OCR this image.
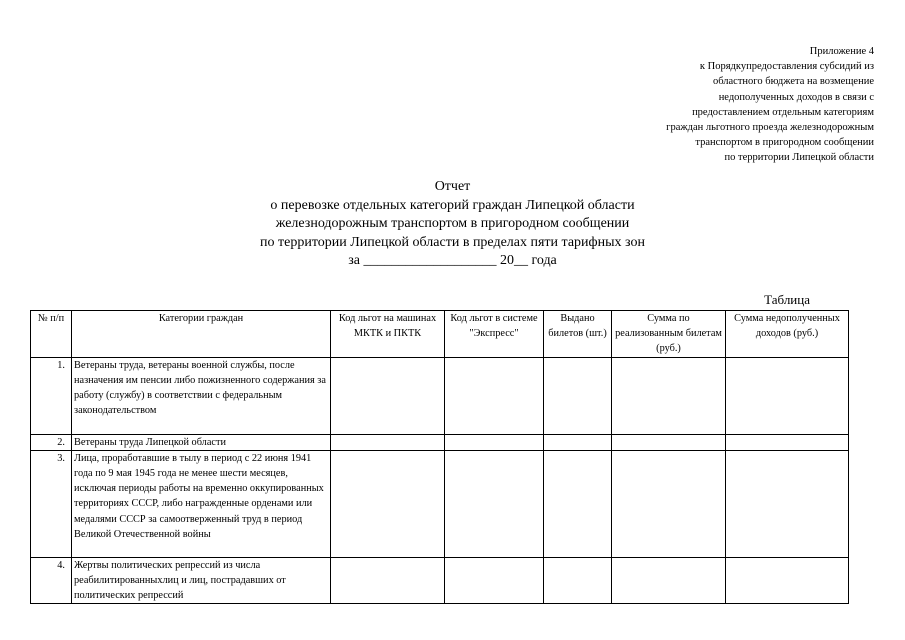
Приложение 4
к Порядкупредоставления субсидий из
областного бюджета на возмещение
недополученных доходов в связи с
предоставлением отдельным категориям
граждан льготного проезда железнодорожным
транспортом в пригородном сообщении
по территории Липецкой области
Отчет
о перевозке отдельных категорий граждан Липецкой области
железнодорожным транспортом в пригородном сообщении
по территории Липецкой области в пределах пяти тарифных зон
за ___________________ 20__ года
Таблица
№ п/п	Категории граждан	Код льгот на машинах МКТК и ПКТК	Код льгот в системе "Экспресс"	Выдано билетов (шт.)	Сумма по реализованным билетам (руб.)	Сумма недополученных доходов (руб.)
1.	Ветераны труда, ветераны военной службы, после назначения им пенсии либо пожизненного содержания за работу (службу) в соответствии с федеральным законодательством					
2.	Ветераны труда Липецкой области					
3.	Лица, проработавшие в тылу в период с 22 июня 1941 года по 9 мая 1945 года не менее шести месяцев, исключая периоды работы на временно оккупированных территориях СССР, либо награжденные орденами или медалями СССР за самоотверженный труд в период Великой Отечественной войны					
4.	Жертвы политических репрессий из числа реабилитированныхлиц и лиц, пострадавших от политических репрессий					
